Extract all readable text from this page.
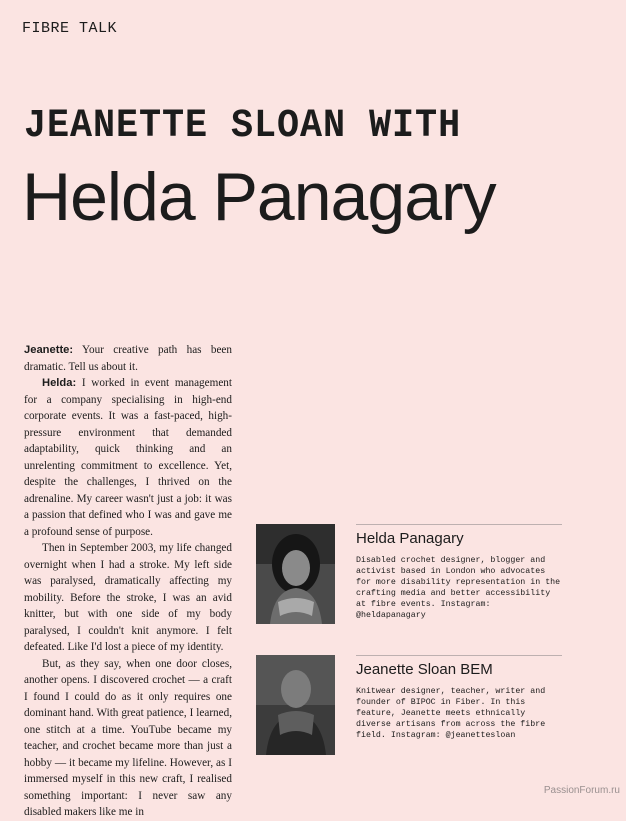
FIBRE TALK
JEANETTE SLOAN WITH
Helda Panagary

Jeanette: Your creative path has been dramatic. Tell us about it.

Helda: I worked in event management for a company specialising in high-end corporate events. It was a fast-paced, high-pressure environment that demanded adaptability, quick thinking and an unrelenting commitment to excellence. Yet, despite the challenges, I thrived on the adrenaline. My career wasn't just a job: it was a passion that defined who I was and gave me a profound sense of purpose.

Then in September 2003, my life changed overnight when I had a stroke. My left side was paralysed, dramatically affecting my mobility. Before the stroke, I was an avid knitter, but with one side of my body paralysed, I couldn't knit anymore. I felt defeated. Like I'd lost a piece of my identity.

But, as they say, when one door closes, another opens. I discovered crochet — a craft I found I could do as it only requires one dominant hand. With great patience, I learned, one stitch at a time. YouTube became my teacher, and crochet became more than just a hobby — it became my lifeline. However, as I immersed myself in this new craft, I realised something important: I never saw any disabled makers like me in

Helda Panagary
Disabled crochet designer, blogger and activist based in London who advocates for more disability representation in the crafting media and better accessibility at fibre events. Instagram: @heldapanagary
Jeanette Sloan BEM
Knitwear designer, teacher, writer and founder of BIPOC in Fiber. In this feature, Jeanette meets ethnically diverse artisans from across the fibre field. Instagram: @jeanettesloan
PassionForum.ru
